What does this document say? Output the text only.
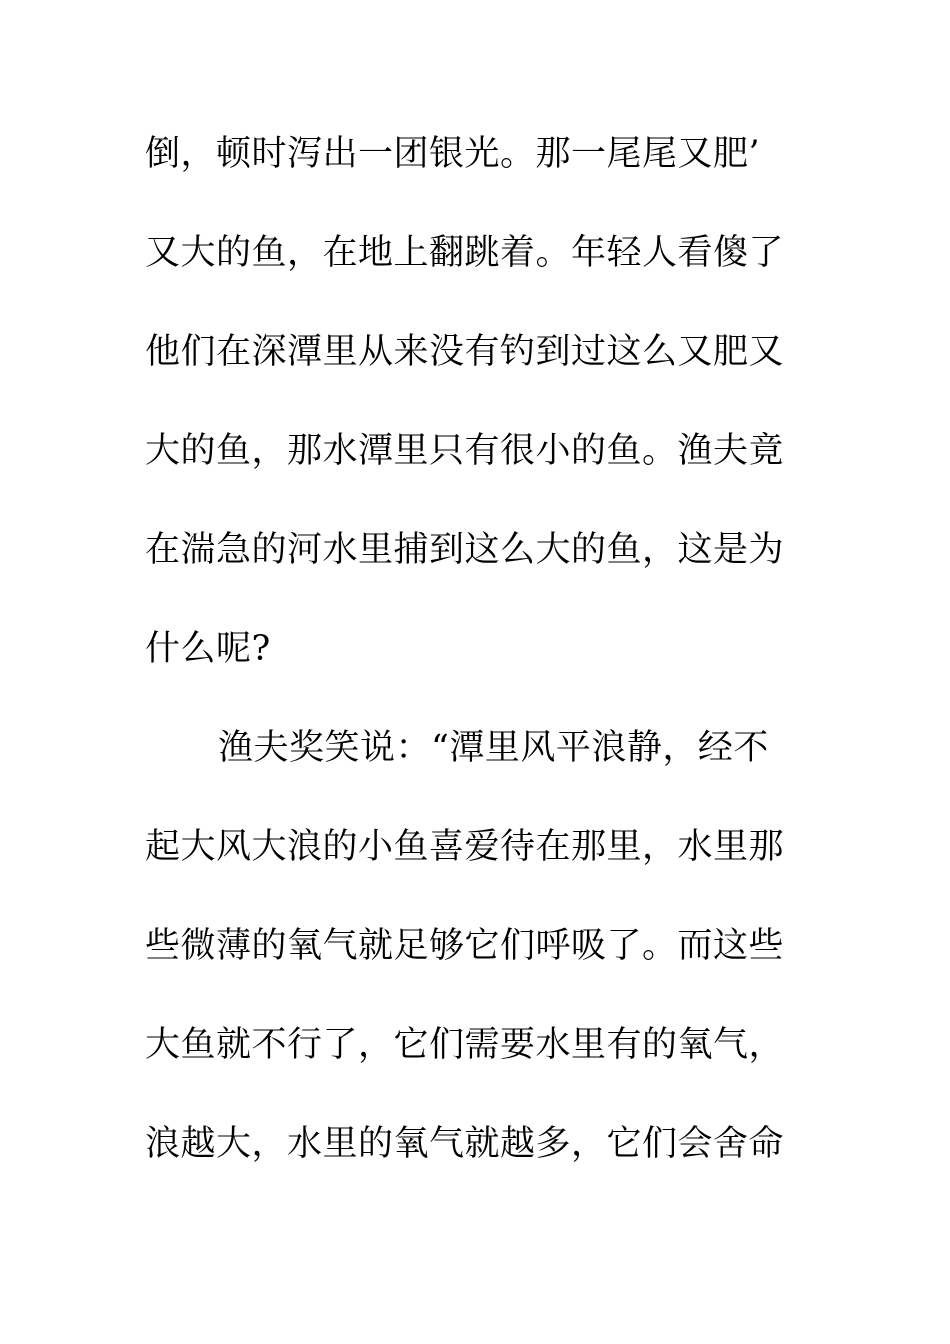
倒，顿时泻出一团银光。那一尾尾又肥’
又大的鱼，在地上翻跳着。年轻人看傻了
他们在深潭里从来没有钓到过这么又肥又
大的鱼，那水潭里只有很小的鱼。渔夫竟
在湍急的河水里捕到这么大的鱼，这是为
什么呢?
渔夫奖笑说：“潭里风平浪静，经不
起大风大浪的小鱼喜爱待在那里，水里那
些微薄的氧气就足够它们呼吸了。而这些
大鱼就不行了，它们需要水里有的氧气，
浪越大，水里的氧气就越多，它们会舍命
